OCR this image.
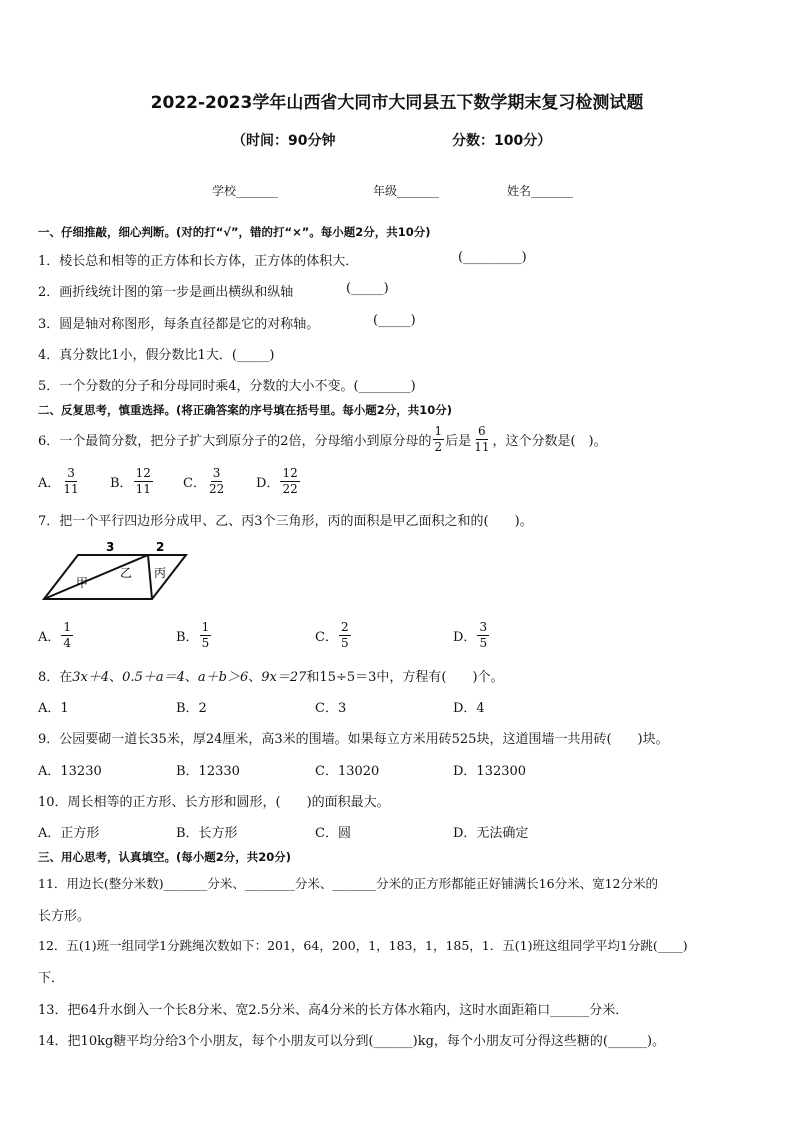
2022-2023学年山西省大同市大同县五下数学期末复习检测试题
（时间：90分钟	分数：100分）
学校_______	年级_______	姓名_______
一、仔细推敲，细心判断。(对的打“√”，错的打“×”。每小题2分，共10分)
1．棱长总和相等的正方体和长方体，正方体的体积大．	(_________)
2．画折线统计图的第一步是画出横纵和纵轴	(_____)
3．圆是轴对称图形，每条直径都是它的对称轴。	(_____)
4．真分数比1小，假分数比1大．(_____)
5．一个分数的分子和分母同时乘4，分数的大小不变。(________)
二、反复思考，慎重选择。(将正确答案的序号填在括号里。每小题2分，共10分)
6．一个最简分数，把分子扩大到原分子的2倍，分母缩小到原分母的 $\frac{1}{2}$ 后是 $\frac{6}{11}$ ，这个分数是(　)。
A． $\frac{3}{11}$ B． $\frac{12}{11}$ C． $\frac{3}{22}$ D． $\frac{12}{22}$
7．把一个平行四边形分成甲、乙、丙3个三角形，丙的面积是甲乙面积之和的(　　)。
3	2
甲
乙 丙
A． $\frac{1}{4}$	B． $\frac{1}{5}$	C． $\frac{2}{5}$	D． $\frac{3}{5}$
8．在3x＋4、0.5＋a＝4、a＋b＞6、9x＝27和15÷5＝3中，方程有(　　)个。
A．1	B．2	C．3	D．4
9．公园要砌一道长35米，厚24厘米，高3米的围墙。如果每立方米用砖525块，这道围墙一共用砖(　　)块。
A．13230	B．12330	C．13020	D．132300
10．周长相等的正方形、长方形和圆形，(　　)的面积最大。
A．正方形	B．长方形	C．圆	D．无法确定
三、用心思考，认真填空。(每小题2分，共20分)
11．用边长(整分米数)_______分米、________分米、_______分米的正方形都能正好铺满长16分米、宽12分米的
长方形。
12．五(1)班一组同学1分跳绳次数如下：201，64，200，1，183，1，185，1．五(1)班这组同学平均1分跳(____)
下．
13．把64升水倒入一个长8分米、宽2.5分米、高4分米的长方体水箱内，这时水面距箱口______分米．
14．把10kg糖平均分给3个小朋友，每个小朋友可以分到(______)kg，每个小朋友可分得这些糖的(______)。
